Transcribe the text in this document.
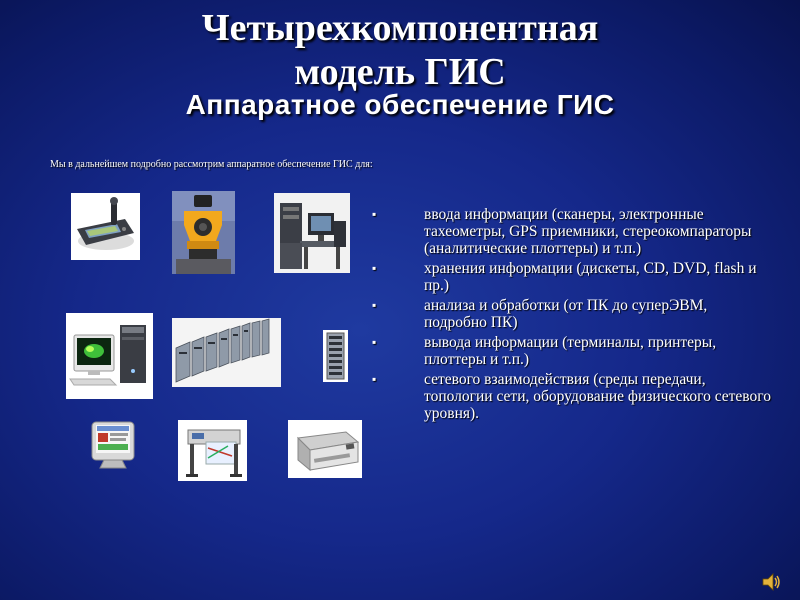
Четырехкомпонентная
модель ГИС
Аппаратное обеспечение ГИС
Мы в дальнейшем подробно рассмотрим аппаратное обеспечение ГИС для:
▪	ввода информации (сканеры, электронные тахеометры, GPS приемники, стереокомпараторы (аналитические плоттеры) и т.п.)
▪	хранения информации (дискеты, CD, DVD, flash и пр.)
▪	анализа и обработки (от ПК до суперЭВМ, подробно ПК)
▪	вывода информации (терминалы, принтеры, плоттеры и т.п.)
▪	сетевого взаимодействия (среды передачи, топологии сети, оборудование физического сетевого уровня).
